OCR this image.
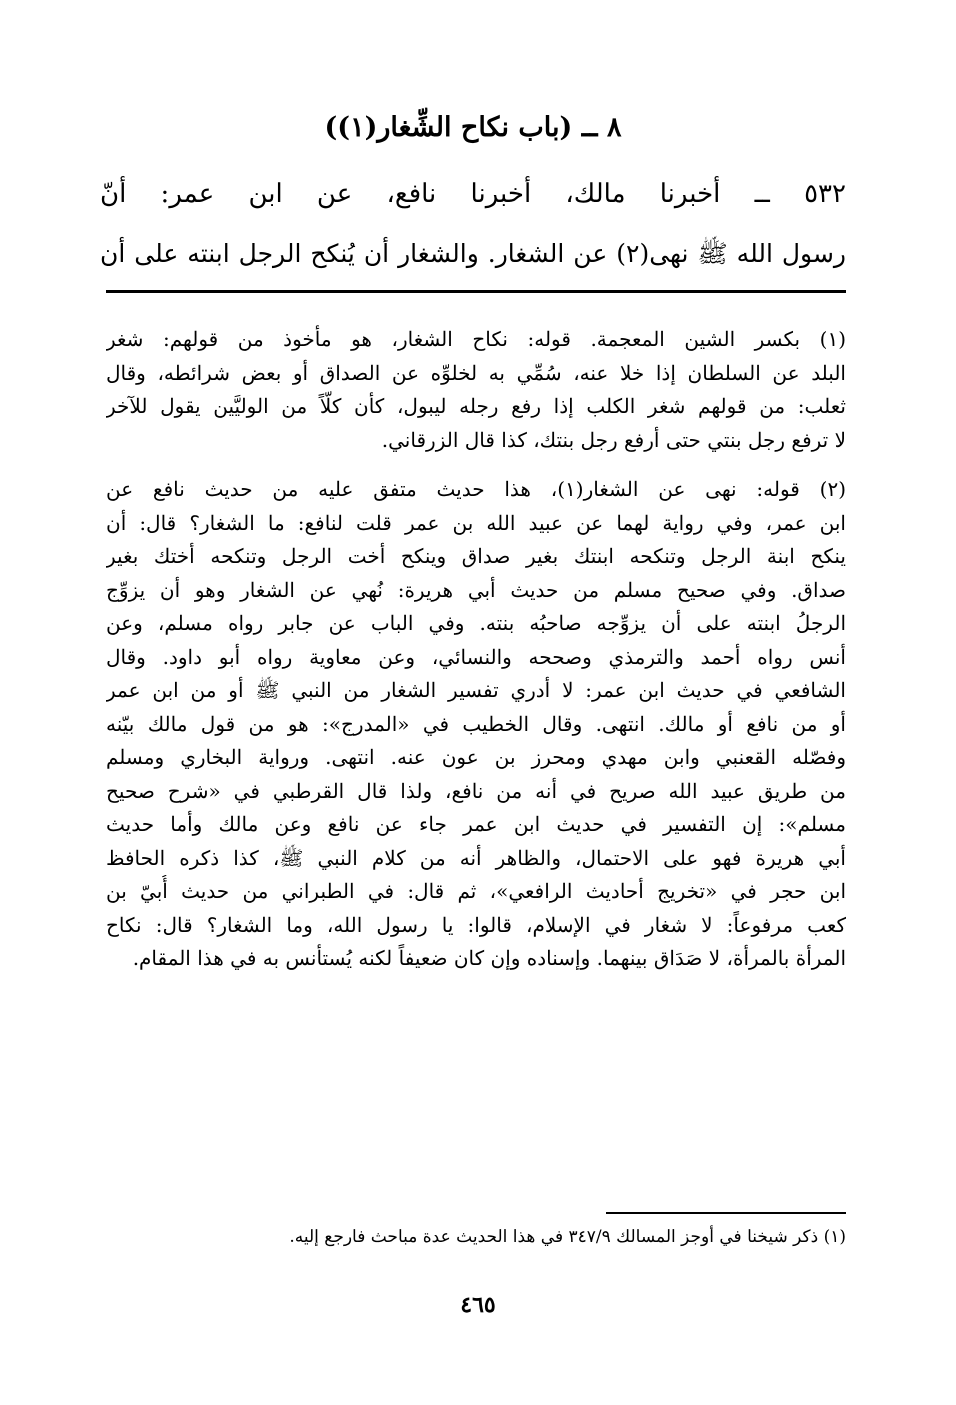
٨ ــ (باب نكاح الشِّغار(١))
٥٣٢ ــ أخبرنا مالك، أخبرنا نافع، عن ابن عمر: أنّ
رسول الله ﷺ نهى(٢) عن الشغار. والشغار أن يُنكح الرجل ابنته على أن
(١) بكسر الشين المعجمة. قوله: نكاح الشغار، هو مأخوذ من قولهم: شغر
البلد عن السلطان إذا خلا عنه، سُمِّي به لخلوِّه عن الصداق أو بعض شرائطه، وقال
ثعلب: من قولهم شغر الكلب إذا رفع رجله ليبول، كأن كلّاً من الوليَّين يقول للآخر
لا ترفع رجل بنتي حتى أرفع رجل بنتك، كذا قال الزرقاني.
(٢) قوله: نهى عن الشغار(١)، هذا حديث متفق عليه من حديث نافع عن
ابن عمر، وفي رواية لهما عن عبيد الله بن عمر قلت لنافع: ما الشغار؟ قال: أن
ينكح ابنة الرجل وتنكحه ابنتك بغير صداق وينكح أخت الرجل وتنكحه أختك بغير
صداق. وفي صحيح مسلم من حديث أبي هريرة: نُهي عن الشغار وهو أن يزوِّج
الرجلُ ابنته على أن يزوِّجه صاحبُه بنته. وفي الباب عن جابر رواه مسلم، وعن
أنس رواه أحمد والترمذي وصححه والنسائي، وعن معاوية رواه أبو داود. وقال
الشافعي في حديث ابن عمر: لا أدري تفسير الشغار من النبي ﷺ أو من ابن عمر
أو من نافع أو مالك. انتهى. وقال الخطيب في «المدرج»: هو من قول مالك بيّنه
وفصّله القعنبي وابن مهدي ومحرز بن عون عنه. انتهى. ورواية البخاري ومسلم
من طريق عبيد الله صريح في أنه من نافع، ولذا قال القرطبي في «شرح صحيح
مسلم»: إن التفسير في حديث ابن عمر جاء عن نافع وعن مالك وأما حديث
أبي هريرة فهو على الاحتمال، والظاهر أنه من كلام النبي ﷺ، كذا ذكره الحافظ
ابن حجر في «تخريج أحاديث الرافعي»، ثم قال: في الطبراني من حديث أُبيّ بن
كعب مرفوعاً: لا شغار في الإسلام، قالوا: يا رسول الله، وما الشغار؟ قال: نكاح
المرأة بالمرأة، لا صَدَاق بينهما. وإسناده وإن كان ضعيفاً لكنه يُستأنس به في هذا المقام.
(١) ذكر شيخنا في أوجز المسالك ٣٤٧/٩ في هذا الحديث عدة مباحث فارجع إليه.
٤٦٥
